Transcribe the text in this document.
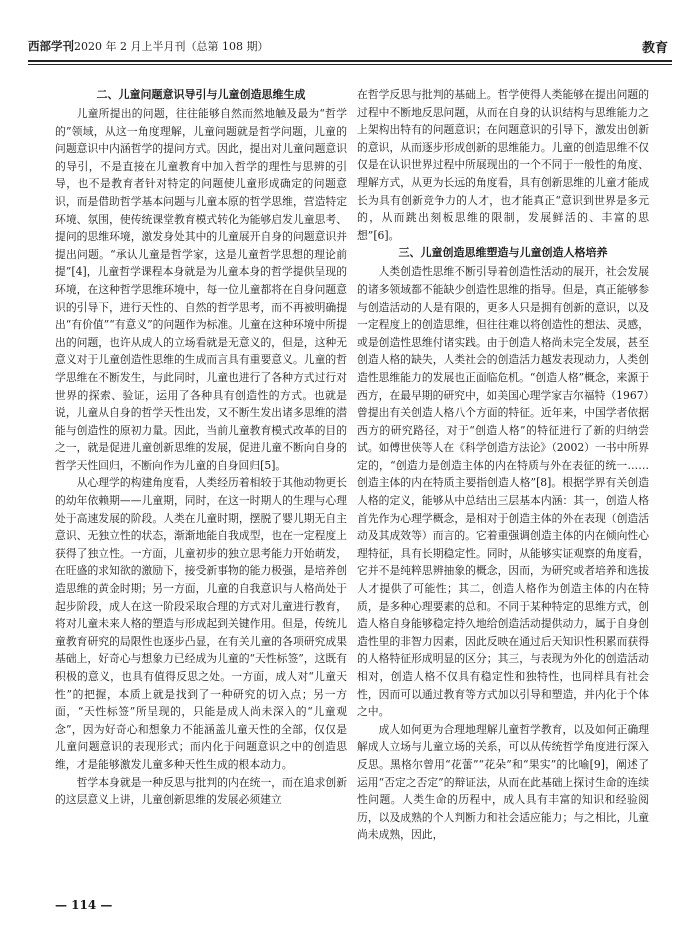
西部学刊2020 年 2 月上半月刊（总第 108 期）	教育
二、儿童问题意识导引与儿童创造思维生成

儿童所提出的问题，往往能够自然而然地触及最为“哲学的”领域，从这一角度理解，儿童问题就是哲学问题，儿童的问题意识中内涵哲学的提问方式。因此，提出对儿童问题意识的导引，不是直接在儿童教育中加入哲学的理性与思辨的引导，也不是教育者针对特定的问题使儿童形成确定的问题意识，而是借助哲学基本问题与儿童本原的哲学思维，营造特定环境、氛围，使传统课堂教育模式转化为能够启发儿童思考、提问的思维环境，激发身处其中的儿童展开自身的问题意识并提出问题。“承认儿童是哲学家，这是儿童哲学思想的理论前提”[4]，儿童哲学课程本身就是为儿童本身的哲学提供呈现的环境，在这种哲学思维环境中，每一位儿童都将在自身问题意识的引导下，进行天性的、自然的哲学思考，而不再被明确提出“有价值”“有意义”的问题作为标准。儿童在这种环境中所提出的问题，也许从成人的立场看就是无意义的，但是，这种无意义对于儿童创造性思维的生成而言具有重要意义。儿童的哲学思维在不断发生，与此同时，儿童也进行了各种方式过行对世界的探索、验证，运用了各种具有创造性的方式。也就是说，儿童从自身的哲学天性出发，又不断生发出诸多思维的潜能与创造性的原初力量。因此，当前儿童教育模式改革的目的之一，就是促进儿童创新思维的发展，促进儿童不断向自身的哲学天性回归，不断向作为儿童的自身回归[5]。

从心理学的构建角度看，人类经历着相较于其他动物更长的幼年依赖期——儿童期，同时，在这一时期人的生理与心理处于高速发展的阶段。人类在儿童时期，摆脱了婴儿期无自主意识、无独立性的状态，渐渐地能自我成型，也在一定程度上获得了独立性。一方面，儿童初步的独立思考能力开始萌发，在旺盛的求知欲的激励下，接受新事物的能力极强，是培养创造思维的黄金时期；另一方面，儿童的自我意识与人格尚处于起步阶段，成人在这一阶段采取合理的方式对儿童进行教育，将对儿童未来人格的塑造与形成起到关键作用。但是，传统儿童教育研究的局限性也逐步凸显，在有关儿童的各项研究成果基础上，好奇心与想象力已经成为儿童的“天性标签”，这既有积极的意义，也具有值得反思之处。一方面，成人对“儿童天性”的把握，本质上就是找到了一种研究的切入点；另一方面，“天性标签”所呈现的，只能是成人尚未深入的“儿童观念”，因为好奇心和想象力不能涵盖儿童天性的全部，仅仅是儿童问题意识的表现形式；而内化于问题意识之中的创造思维，才是能够激发儿童多种天性生成的根本动力。

哲学本身就是一种反思与批判的内在统一，而在追求创新的这层意义上讲，儿童创新思维的发展必须建立

在哲学反思与批判的基础上。哲学使得人类能够在提出问题的过程中不断地反思问题，从而在自身的认识结构与思维能力之上架构出特有的问题意识；在问题意识的引导下，激发出创新的意识，从而逐步形成创新的思维能力。儿童的创造思维不仅仅是在认识世界过程中所展现出的一个不同于一般性的角度、理解方式，从更为长远的角度看，具有创新思维的儿童才能成长为具有创新竞争力的人才，也才能真正“意识到世界是多元的，从而跳出刻板思维的限制，发展鲜活的、丰富的思想”[6]。

三、儿童创造思维塑造与儿童创造人格培养

人类创造性思维不断引导着创造性活动的展开，社会发展的诸多领域都不能缺少创造性思维的指导。但是，真正能够参与创造活动的人是有限的，更多人只是拥有创新的意识，以及一定程度上的创造思维，但往往难以将创造性的想法、灵感，或是创造性思维付诸实践。由于创造人格尚未完全发展，甚至创造人格的缺失，人类社会的创造活力越发表现动力，人类创造性思维能力的发展也正面临危机。“创造人格”概念，来源于西方，在最早期的研究中，如美国心理学家吉尔福特（1967）曾提出有关创造人格八个方面的特征。近年来，中国学者依据西方的研究路径，对于“创造人格”的特征进行了新的归纳尝试。如傅世侠等人在《科学创造方法论》（2002）一书中所界定的，“创造力是创造主体的内在特质与外在表征的统一……创造主体的内在特质主要指创造人格”[8]。根据学界有关创造人格的定义，能够从中总结出三层基本内涵：其一，创造人格首先作为心理学概念，是相对于创造主体的外在表现（创造活动及其成效等）而言的。它着重强调创造主体的内在倾向性心理特征，具有长期稳定性。同时，从能够实证观察的角度看，它并不是纯粹思辨抽象的概念，因而，为研究或者培养和选拔人才提供了可能性；其二，创造人格作为创造主体的内在特质，是多种心理要素的总和。不同于某种特定的思维方式，创造人格自身能够稳定持久地给创造活动提供动力，属于自身创造性里的非智力因素，因此反映在通过后天知识性积累而获得的人格特征形成明显的区分；其三，与表现为外化的创造活动相对，创造人格不仅具有稳定性和独特性，也同样具有社会性，因而可以通过教育等方式加以引导和塑造，并内化于个体之中。

成人如何更为合理地理解儿童哲学教育，以及如何正确理解成人立场与儿童立场的关系，可以从传统哲学角度进行深入反思。黑格尔曾用“花蕾”“花朵”和“果实”的比喻[9]，阐述了运用“否定之否定”的辩证法，从而在此基础上探讨生命的连续性问题。人类生命的历程中，成人具有丰富的知识和经验阅历，以及成熟的个人判断力和社会适应能力；与之相比，儿童尚未成熟，因此，

— 114 —
